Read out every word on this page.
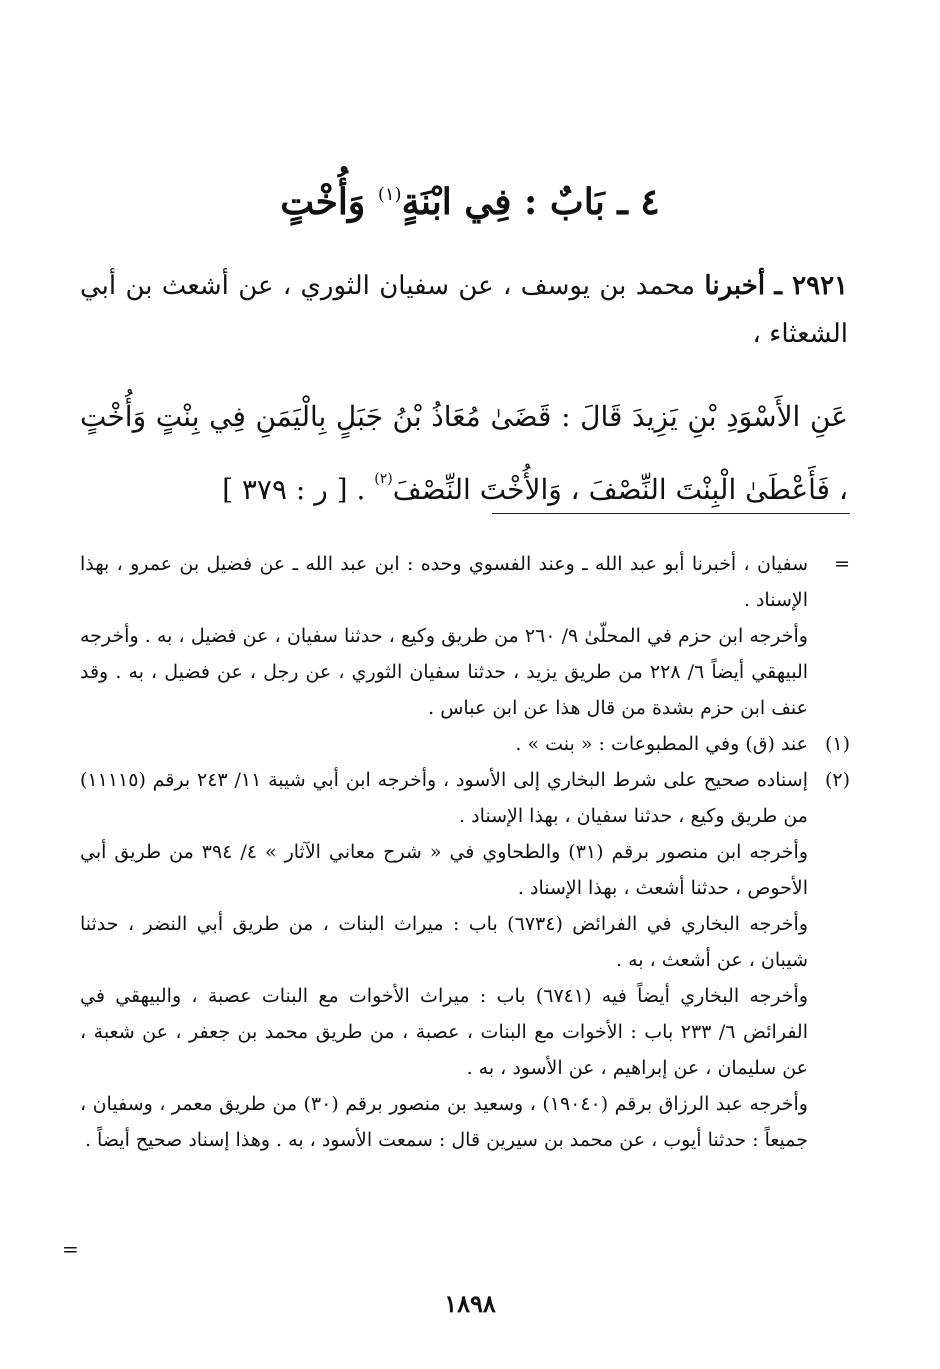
٤ ـ بَابٌ : فِي ابْنَةٍ$^{(١)}$ وَأُخْتٍ
٢٩٢١ ـ أخبرنا محمد بن يوسف ، عن سفيان الثوري ، عن أشعث بن أبي الشعثاء ،
عَنِ الأَسْوَدِ بْنِ يَزِيدَ قَالَ : قَضَىٰ مُعَاذُ بْنُ جَبَلٍ بِالْيَمَنِ فِي بِنْتٍ وَأُخْتٍ ، فَأَعْطَىٰ الْبِنْتَ النِّصْفَ ، وَالأُخْتَ النِّصْفَ$^{(٢)}$ . [ ر : ٣٧٩ ]
=

سفيان ، أخبرنا أبو عبد الله ـ وعند الفسوي وحده : ابن عبد الله ـ عن فضيل بن عمرو ، بهذا الإسناد .

وأخرجه ابن حزم في المحلّىٰ ٩/ ٢٦٠ من طريق وكيع ، حدثنا سفيان ، عن فضيل ، به . وأخرجه البيهقي أيضاً ٦/ ٢٢٨ من طريق يزيد ، حدثنا سفيان الثوري ، عن رجل ، عن فضيل ، به . وقد عنف ابن حزم بشدة من قال هذا عن ابن عباس .

(١)

عند (ق) وفي المطبوعات : « بنت » .

(٢)

إسناده صحيح على شرط البخاري إلى الأسود ، وأخرجه ابن أبي شيبة ١١/ ٢٤٣ برقم (١١١١٥) من طريق وكيع ، حدثنا سفيان ، بهذا الإسناد .

وأخرجه ابن منصور برقم (٣١) والطحاوي في « شرح معاني الآثار » ٤/ ٣٩٤ من طريق أبي الأحوص ، حدثنا أشعث ، بهذا الإسناد .

وأخرجه البخاري في الفرائض (٦٧٣٤) باب : ميراث البنات ، من طريق أبي النضر ، حدثنا شيبان ، عن أشعث ، به .

وأخرجه البخاري أيضاً فيه (٦٧٤١) باب : ميراث الأخوات مع البنات عصبة ، والبيهقي في الفرائض ٦/ ٢٣٣ باب : الأخوات مع البنات ، عصبة ، من طريق محمد بن جعفر ، عن شعبة ، عن سليمان ، عن إبراهيم ، عن الأسود ، به .

وأخرجه عبد الرزاق برقم (١٩٠٤٠) ، وسعيد بن منصور برقم (٣٠) من طريق معمر ، وسفيان ، جميعاً : حدثنا أيوب ، عن محمد بن سيرين قال : سمعت الأسود ، به . وهذا إسناد صحيح أيضاً .

=
١٨٩٨
